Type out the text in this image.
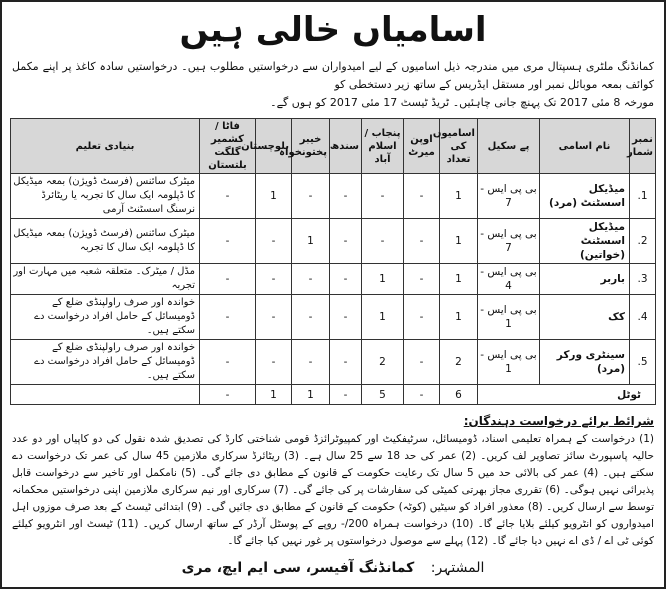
اسامیاں خالی ہیں

کمانڈنگ ملٹری ہسپتال مری میں مندرجہ ذیل اسامیوں کے لیے امیدواران سے درخواستیں مطلوب ہیں۔ درخواستیں سادہ کاغذ پر اپنے مکمل کوائف بمعہ موبائل نمبر اور مستقل ایڈریس کے ساتھ زیر دستخطی کو

مورخہ 8 مئی 2017 تک پہنچ جانی چاہئیں۔ ٹریڈ ٹیسٹ 17 مئی 2017 کو ہوں گے۔

نمبر شمار	نام اسامی	پے سکیل	اسامیوں کی تعداد	اوپن میرٹ	پنجاب / اسلام آباد	سندھ	خیبر پختونخواہ	بلوچستان	فاٹا / کشمیر گلگت بلتستان	بنیادی تعلیم
1.	میڈیکل اسسٹنٹ (مرد)	بی پی ایس - 7	1	-	-	-	-	1	-	میٹرک سائنس (فرسٹ ڈویژن) بمعہ میڈیکل کا ڈپلومہ ایک سال کا تجربہ یا ریٹائرڈ نرسنگ اسسٹنٹ آرمی
2.	میڈیکل اسسٹنٹ (خواتین)	بی پی ایس - 7	1	-	-	-	1	-	-	میٹرک سائنس (فرسٹ ڈویژن) بمعہ میڈیکل کا ڈپلومہ ایک سال کا تجربہ
3.	باربر	بی پی ایس - 4	1	-	1	-	-	-	-	مڈل / میٹرک۔ متعلقہ شعبہ میں مہارت اور تجربہ
4.	کک	بی پی ایس - 1	1	-	1	-	-	-	-	خواندہ اور صرف راولپنڈی ضلع کے ڈومیسائل کے حامل افراد درخواست دے سکتے ہیں۔
5.	سینٹری ورکر (مرد)	بی پی ایس - 1	2	-	2	-	-	-	-	خواندہ اور صرف راولپنڈی ضلع کے ڈومیسائل کے حامل افراد درخواست دے سکتے ہیں۔
ٹوٹل			6	-	5	-	1	1	-	
شرائط برائے درخواست دہندگان:
(1) درخواست کے ہمراہ تعلیمی اسناد، ڈومیسائل، سرٹیفکیٹ اور کمپیوٹرائزڈ قومی شناختی کارڈ کی تصدیق شدہ نقول کی دو کاپیاں اور دو عدد حالیہ پاسپورٹ سائز تصاویر لف کریں۔ (2) عمر کی حد 18 سے 25 سال ہے۔ (3) ریٹائرڈ سرکاری ملازمین 45 سال کی عمر تک درخواست دے سکتے ہیں۔ (4) عمر کی بالائی حد میں 5 سال تک رعایت حکومت کے قانون کے مطابق دی جائے گی۔ (5) نامکمل اور تاخیر سے درخواست قابل پذیرائی نہیں ہوگی۔ (6) تقرری مجاز بھرتی کمیٹی کی سفارشات پر کی جائے گی۔ (7) سرکاری اور نیم سرکاری ملازمین اپنی درخواستیں محکمانہ توسط سے ارسال کریں۔ (8) معذور افراد کو سیٹیں (کوٹہ) حکومت کے قانون کے مطابق دی جائیں گی۔ (9) ابتدائی ٹیسٹ کے بعد صرف موزوں اہل امیدواروں کو انٹرویو کیلئے بلایا جائے گا۔ (10) درخواست ہمراہ 200/- روپے کے پوسٹل آرڈر کے ساتھ ارسال کریں۔ (11) ٹیسٹ اور انٹرویو کیلئے کوئی ٹی اے / ڈی اے نہیں دیا جائے گا۔ (12) پہلے سے موصول درخواستوں پر غور نہیں کیا جائے گا۔
المشتہر: کمانڈنگ آفیسر، سی ایم ایچ، مری
